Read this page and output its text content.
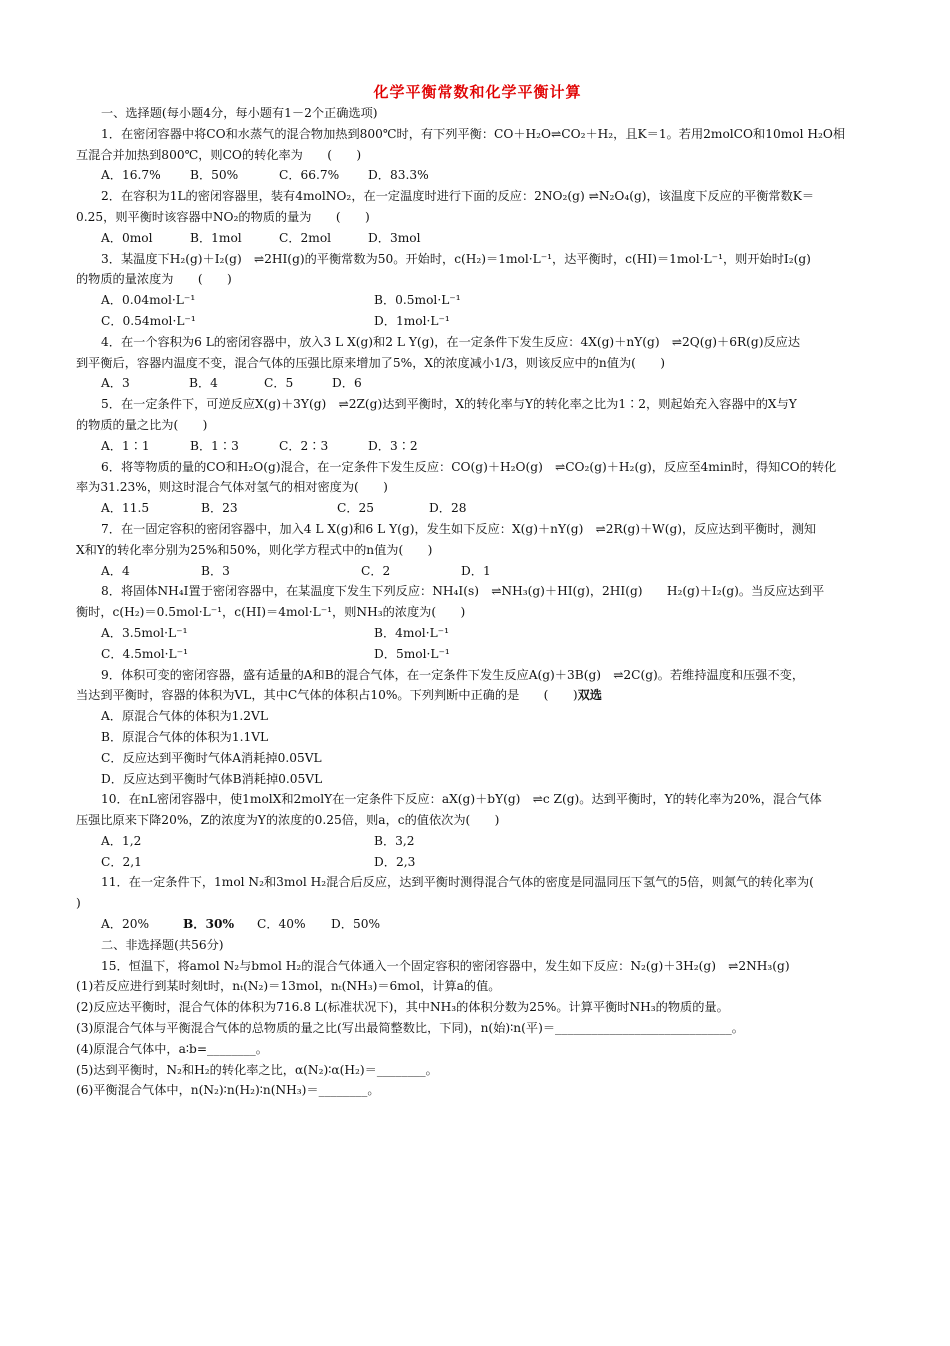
化学平衡常数和化学平衡计算
一、选择题(每小题4分，每小题有1－2个正确选项)
1．在密闭容器中将CO和水蒸气的混合物加热到800℃时，有下列平衡：CO＋H₂O⇌CO₂＋H₂，且K＝1。若用2molCO和10mol H₂O相
互混合并加热到800℃，则CO的转化率为　　(　　)
A．16.7% B．50%	C．66.7% D．83.3%
2．在容积为1L的密闭容器里，装有4molNO₂，在一定温度时进行下面的反应：2NO₂(g) ⇌N₂O₄(g)，该温度下反应的平衡常数K＝
0.25，则平衡时该容器中NO₂的物质的量为　　(　　)
A．0mol	B．1mol	C．2mol	D．3mol
3．某温度下H₂(g)＋I₂(g)　⇌2HI(g)的平衡常数为50。开始时，c(H₂)＝1mol·L⁻¹，达平衡时，c(HI)＝1mol·L⁻¹，则开始时I₂(g)
的物质的量浓度为　　(　　)
A．0.04mol·L⁻¹	B．0.5mol·L⁻¹
C．0.54mol·L⁻¹	D．1mol·L⁻¹
4．在一个容积为6 L的密闭容器中，放入3 L X(g)和2 L Y(g)，在一定条件下发生反应：4X(g)＋nY(g)　⇌2Q(g)＋6R(g)反应达
到平衡后，容器内温度不变，混合气体的压强比原来增加了5%，X的浓度减小1/3，则该反应中的n值为(　　)
A．3	B．4	C．5	D．6
5．在一定条件下，可逆反应X(g)＋3Y(g)　⇌2Z(g)达到平衡时，X的转化率与Y的转化率之比为1∶2，则起始充入容器中的X与Y
的物质的量之比为(　　)
A．1∶1	B．1∶3	C．2∶3	D．3∶2
6．将等物质的量的CO和H₂O(g)混合，在一定条件下发生反应：CO(g)＋H₂O(g)　⇌CO₂(g)＋H₂(g)，反应至4min时，得知CO的转化
率为31.23%，则这时混合气体对氢气的相对密度为(　　)
A．11.5	B．23	C．25	D．28
7．在一固定容积的密闭容器中，加入4 L X(g)和6 L Y(g)，发生如下反应：X(g)＋nY(g)　⇌2R(g)＋W(g)，反应达到平衡时，测知
X和Y的转化率分别为25%和50%，则化学方程式中的n值为(　　)
A．4	B．3	C．2	D．1
8．将固体NH₄I置于密闭容器中，在某温度下发生下列反应：NH₄I(s)　⇌NH₃(g)＋HI(g)，2HI(g)　　H₂(g)＋I₂(g)。当反应达到平
衡时，c(H₂)＝0.5mol·L⁻¹，c(HI)＝4mol·L⁻¹，则NH₃的浓度为(　　)
A．3.5mol·L⁻¹	B．4mol·L⁻¹
C．4.5mol·L⁻¹	D．5mol·L⁻¹
9．体积可变的密闭容器，盛有适量的A和B的混合气体，在一定条件下发生反应A(g)＋3B(g)　⇌2C(g)。若维持温度和压强不变，
当达到平衡时，容器的体积为VL，其中C气体的体积占10%。下列判断中正确的是　　(　　)双选
A．原混合气体的体积为1.2VL
B．原混合气体的体积为1.1VL
C．反应达到平衡时气体A消耗掉0.05VL
D．反应达到平衡时气体B消耗掉0.05VL
10．在nL密闭容器中，使1molX和2molY在一定条件下反应：aX(g)＋bY(g)　⇌c Z(g)。达到平衡时，Y的转化率为20%，混合气体
压强比原来下降20%，Z的浓度为Y的浓度的0.25倍，则a，c的值依次为(　　)
A．1,2	B．3,2
C．2,1	D．2,3
11．在一定条件下，1mol N₂和3mol H₂混合后反应，达到平衡时测得混合气体的密度是同温同压下氢气的5倍，则氮气的转化率为(
)
A．20%	B．30% C．40% D．50%
二、非选择题(共56分)
15．恒温下，将amol N₂与bmol H₂的混合气体通入一个固定容积的密闭容器中，发生如下反应：N₂(g)＋3H₂(g)　⇌2NH₃(g)
(1)若反应进行到某时刻t时，nₜ(N₂)＝13mol，nₜ(NH₃)＝6mol，计算a的值。
(2)反应达平衡时，混合气体的体积为716.8 L(标准状况下)，其中NH₃的体积分数为25%。计算平衡时NH₃的物质的量。
(3)原混合气体与平衡混合气体的总物质的量之比(写出最简整数比，下同)，n(始)∶n(平)＝_____________________________。
(4)原混合气体中，a∶b=________。
(5)达到平衡时，N₂和H₂的转化率之比，α(N₂)∶α(H₂)＝________。
(6)平衡混合气体中，n(N₂)∶n(H₂)∶n(NH₃)＝________。
